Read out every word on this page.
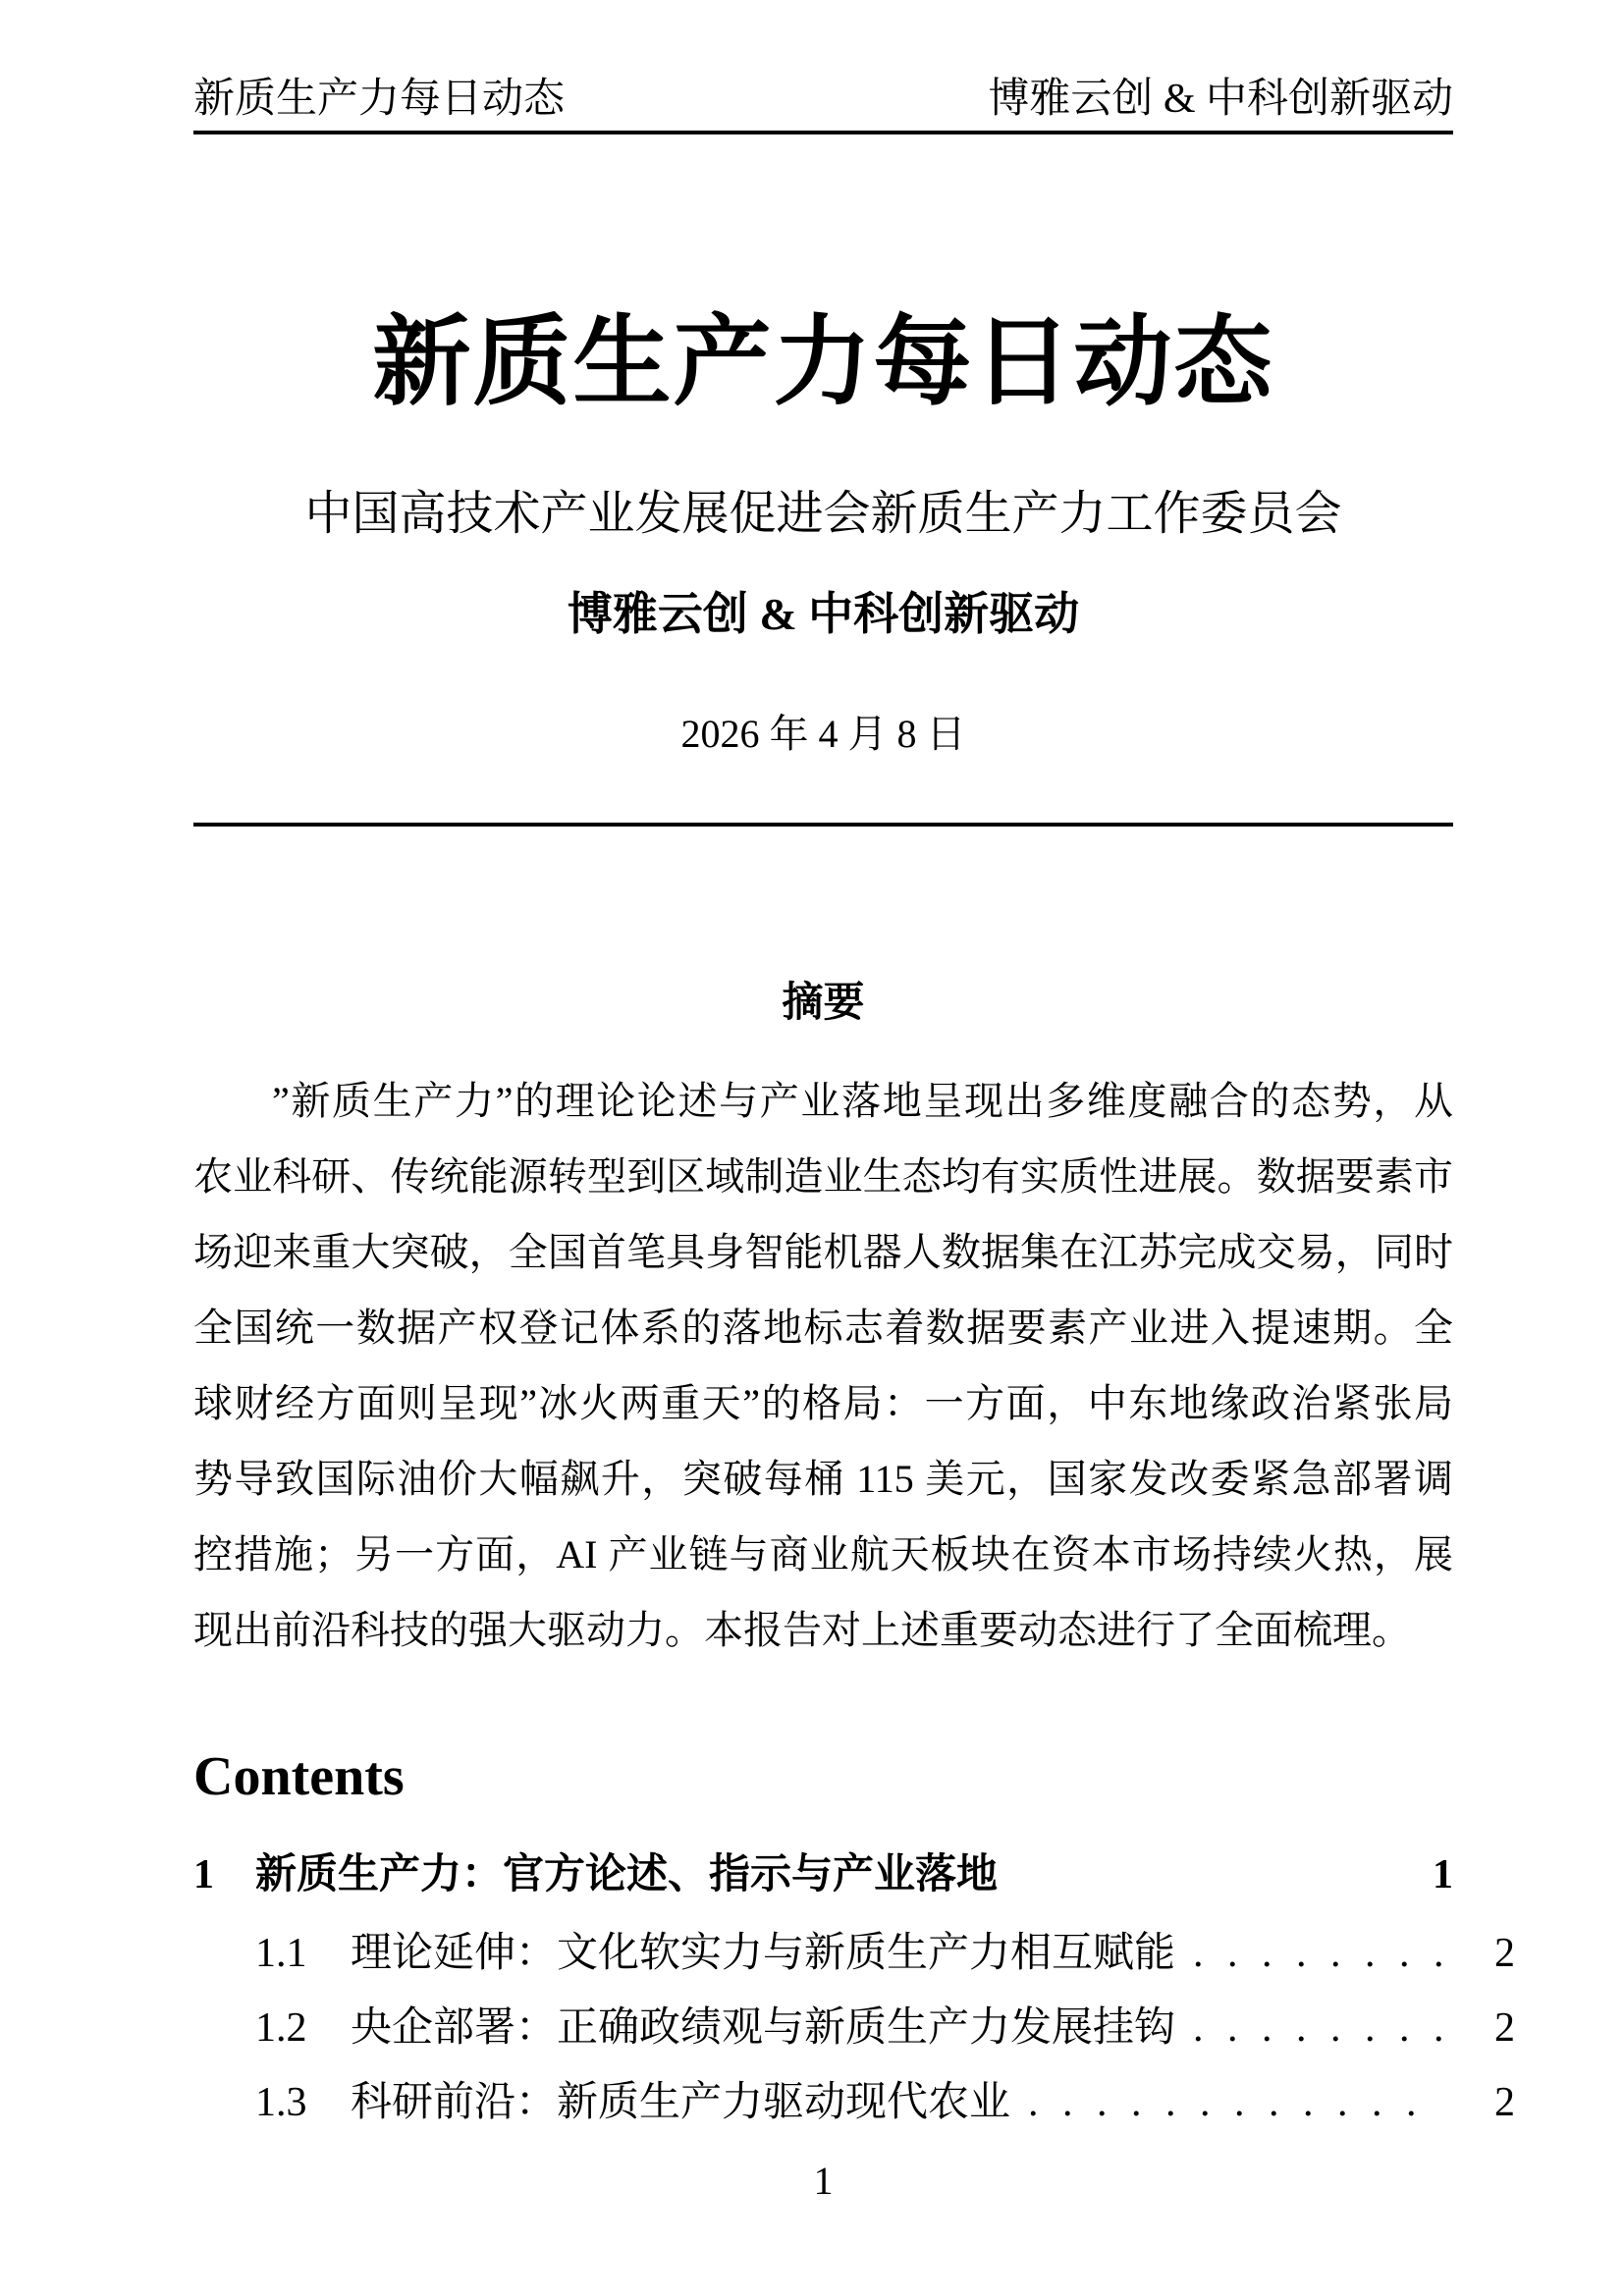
新质生产力每日动态	博雅云创 & 中科创新驱动
新质生产力每日动态
中国高技术产业发展促进会新质生产力工作委员会
博雅云创 & 中科创新驱动
2026 年 4 月 8 日
摘要
”新质生产力”的理论论述与产业落地呈现出多维度融合的态势，从
农业科研、传统能源转型到区域制造业生态均有实质性进展。数据要素市
场迎来重大突破，全国首笔具身智能机器人数据集在江苏完成交易，同时
全国统一数据产权登记体系的落地标志着数据要素产业进入提速期。全
球财经方面则呈现”冰火两重天”的格局：一方面，中东地缘政治紧张局
势导致国际油价大幅飙升，突破每桶 115 美元，国家发改委紧急部署调
控措施；另一方面，AI 产业链与商业航天板块在资本市场持续火热，展
现出前沿科技的强大驱动力。本报告对上述重要动态进行了全面梳理。
Contents
1	新质生产力：官方论述、指示与产业落地	1
1.1	理论延伸：文化软实力与新质生产力相互赋能 . . . . . . . .	2
1.2	央企部署：正确政绩观与新质生产力发展挂钩 . . . . . . . .	2
1.3	科研前沿：新质生产力驱动现代农业 . . . . . . . . . . . .	2
1
